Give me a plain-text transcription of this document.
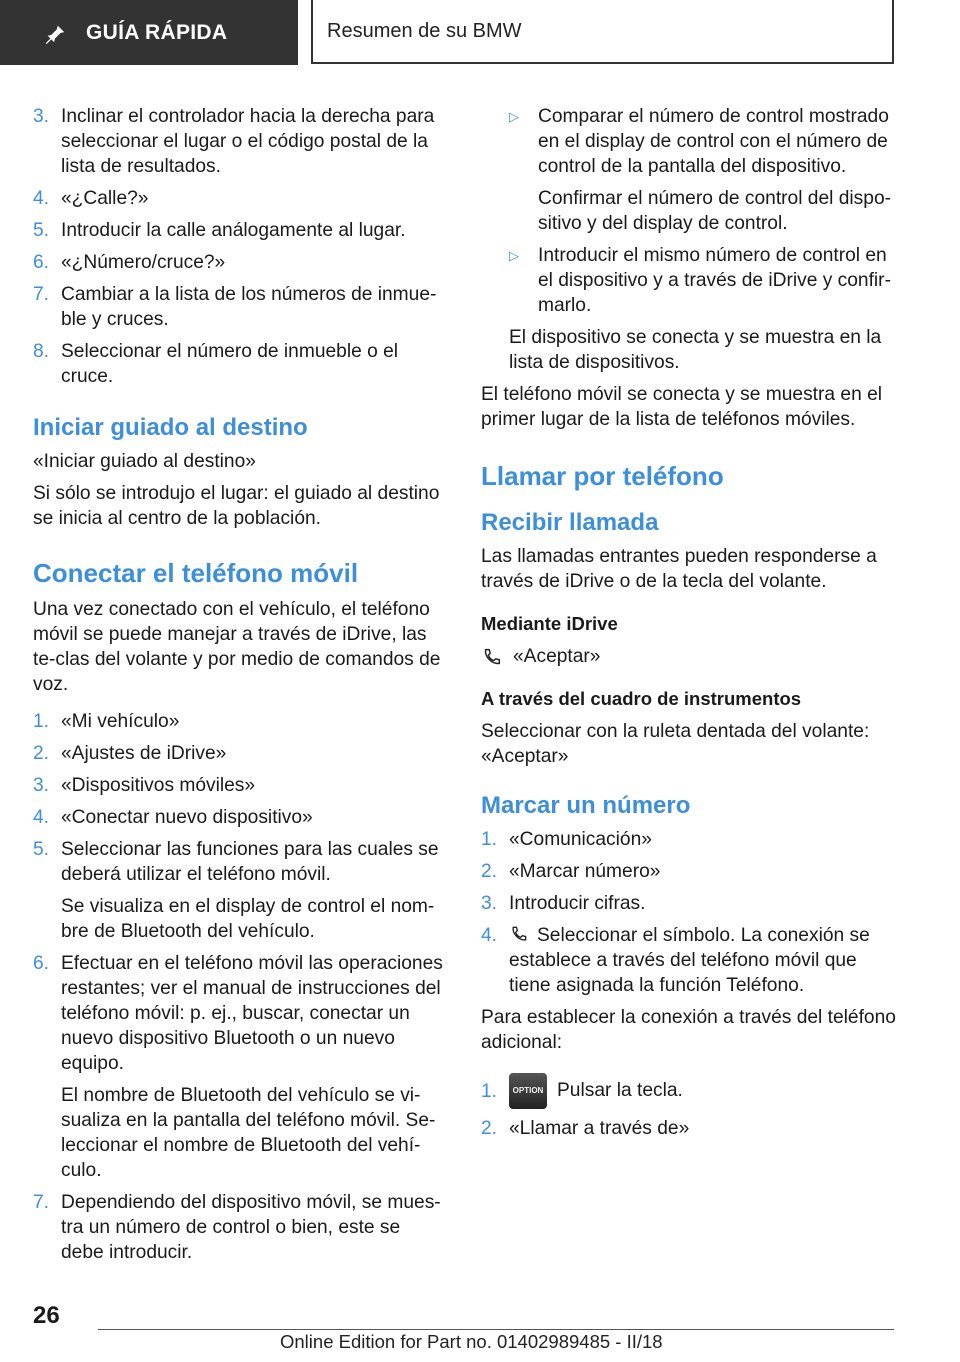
GUÍA RÁPIDA	Resumen de su BMW
3. Inclinar el controlador hacia la derecha para seleccionar el lugar o el código postal de la lista de resultados.
4. «¿Calle?»
5. Introducir la calle análogamente al lugar.
6. «¿Número/cruce?»
7. Cambiar a la lista de los números de inmue‐ble y cruces.
8. Seleccionar el número de inmueble o el cruce.
Iniciar guiado al destino

«Iniciar guiado al destino»

Si sólo se introdujo el lugar: el guiado al destino se inicia al centro de la población.

Conectar el teléfono móvil

Una vez conectado con el vehículo, el teléfono móvil se puede manejar a través de iDrive, las te‐clas del volante y por medio de comandos de voz.

1. «Mi vehículo»
2. «Ajustes de iDrive»
3. «Dispositivos móviles»
4. «Conectar nuevo dispositivo»
5. Seleccionar las funciones para las cuales se deberá utilizar el teléfono móvil.
Se visualiza en el display de control el nom‐bre de Bluetooth del vehículo.
6. Efectuar en el teléfono móvil las operaciones restantes; ver el manual de instrucciones del teléfono móvil: p. ej., buscar, conectar un nuevo dispositivo Bluetooth o un nuevo equipo.
El nombre de Bluetooth del vehículo se vi‐sualiza en la pantalla del teléfono móvil. Se‐leccionar el nombre de Bluetooth del vehí‐culo.
7. Dependiendo del dispositivo móvil, se mues‐tra un número de control o bien, este se debe introducir.
▷ Comparar el número de control mostrado en el display de control con el número de control de la pantalla del dispositivo.
Confirmar el número de control del dispo‐sitivo y del display de control.
▷ Introducir el mismo número de control en el dispositivo y a través de iDrive y confir‐marlo.
El dispositivo se conecta y se muestra en la lista de dispositivos.

El teléfono móvil se conecta y se muestra en el primer lugar de la lista de teléfonos móviles.

Llamar por teléfono
Recibir llamada

Las llamadas entrantes pueden responderse a través de iDrive o de la tecla del volante.

Mediante iDrive

«Aceptar»

A través del cuadro de instrumentos

Seleccionar con la ruleta dentada del volante:

«Aceptar»

Marcar un número
1. «Comunicación»
2. «Marcar número»
3. Introducir cifras.
4.	Seleccionar el símbolo. La conexión se establece a través del teléfono móvil que tiene asignada la función Teléfono.

Para establecer la conexión a través del teléfono adicional:

1.	OPTION Pulsar la tecla.
2. «Llamar a través de»
26
Online Edition for Part no. 01402989485 - II/18
